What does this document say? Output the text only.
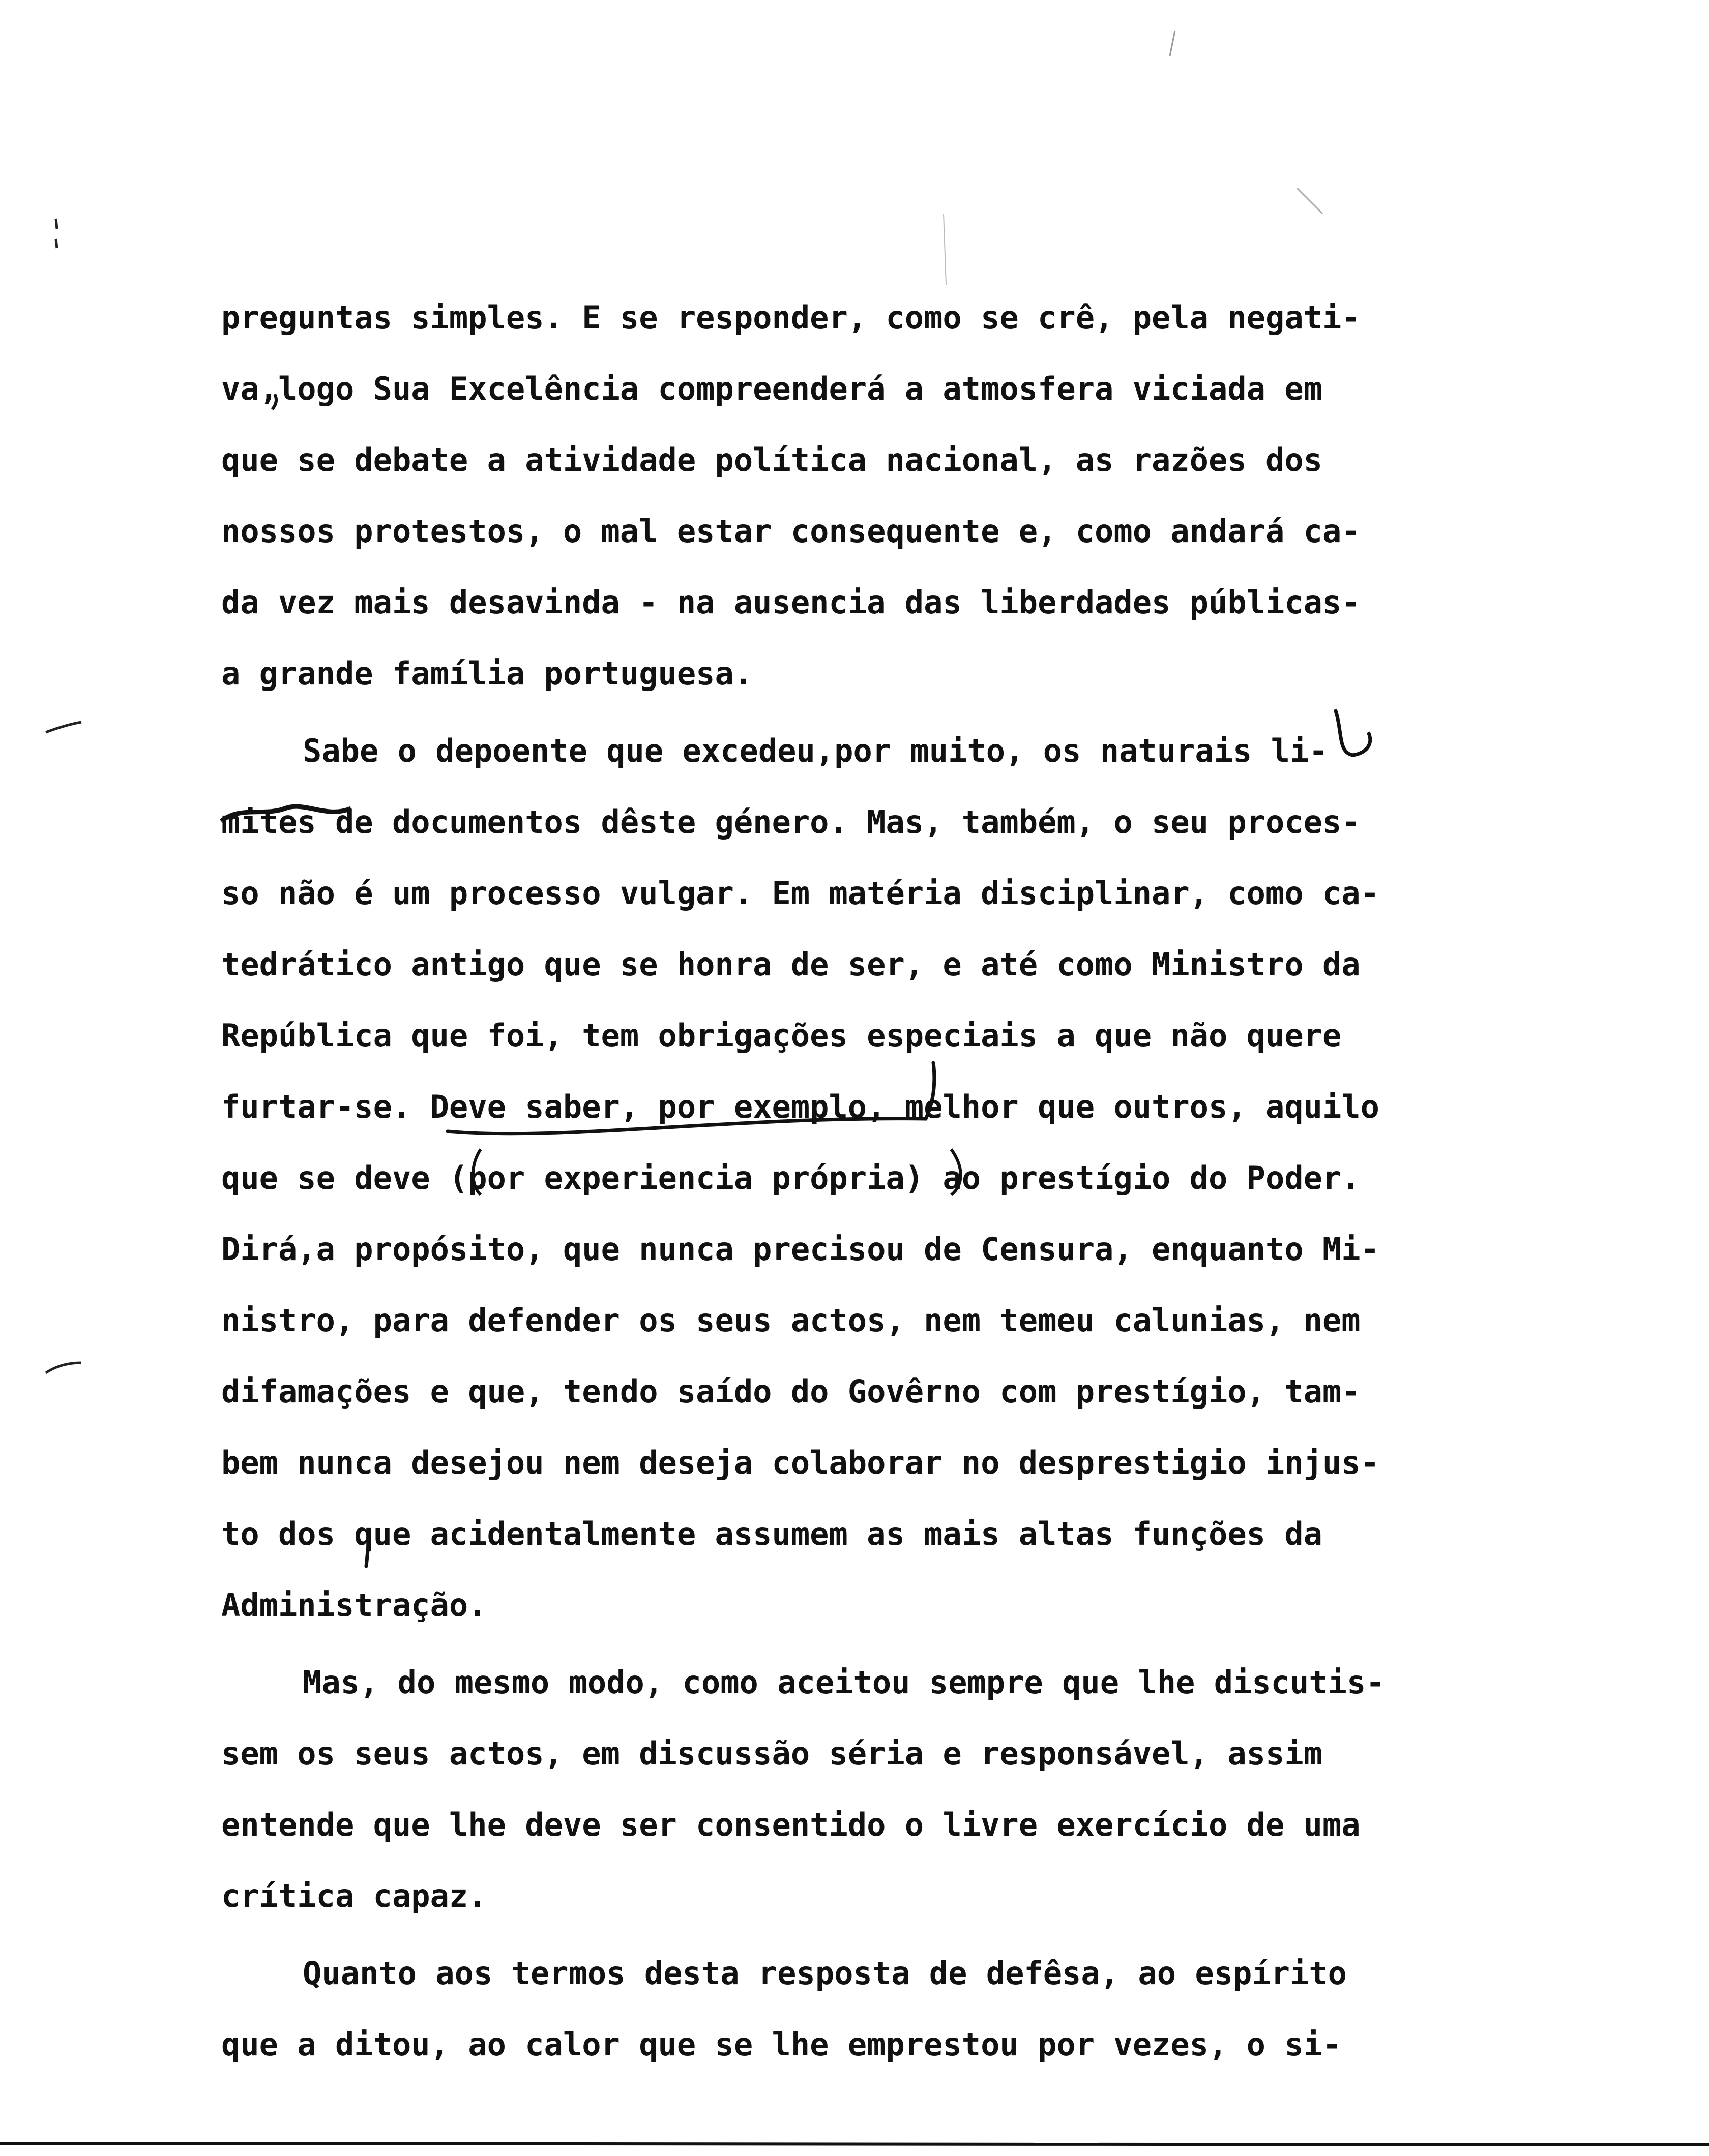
preguntas simples. E se responder, como se crê, pela negati-
va,logo Sua Excelência compreenderá a atmosfera viciada em
que se debate a atividade política nacional, as razões dos
nossos protestos, o mal estar consequente e, como andará ca-
da vez mais desavinda - na ausencia das liberdades públicas-
a grande família portuguesa.
Sabe o depoente que excedeu,por muito, os naturais li-
mites de documentos dêste género. Mas, também, o seu proces-
so não é um processo vulgar. Em matéria disciplinar, como ca-
tedrático antigo que se honra de ser, e até como Ministro da
República que foi, tem obrigações especiais a que não quere
furtar-se. Deve saber, por exemplo, melhor que outros, aquilo
que se deve (por experiencia própria) ao prestígio do Poder.
Dirá,a propósito, que nunca precisou de Censura, enquanto Mi-
nistro, para defender os seus actos, nem temeu calunias, nem
difamações e que, tendo saído do Govêrno com prestígio, tam-
bem nunca desejou nem deseja colaborar no desprestigio injus-
to dos que acidentalmente assumem as mais altas funções da
Administração.
Mas, do mesmo modo, como aceitou sempre que lhe discutis-
sem os seus actos, em discussão séria e responsável, assim
entende que lhe deve ser consentido o livre exercício de uma
crítica capaz.
Quanto aos termos desta resposta de defêsa, ao espírito
que a ditou, ao calor que se lhe emprestou por vezes, o si-
